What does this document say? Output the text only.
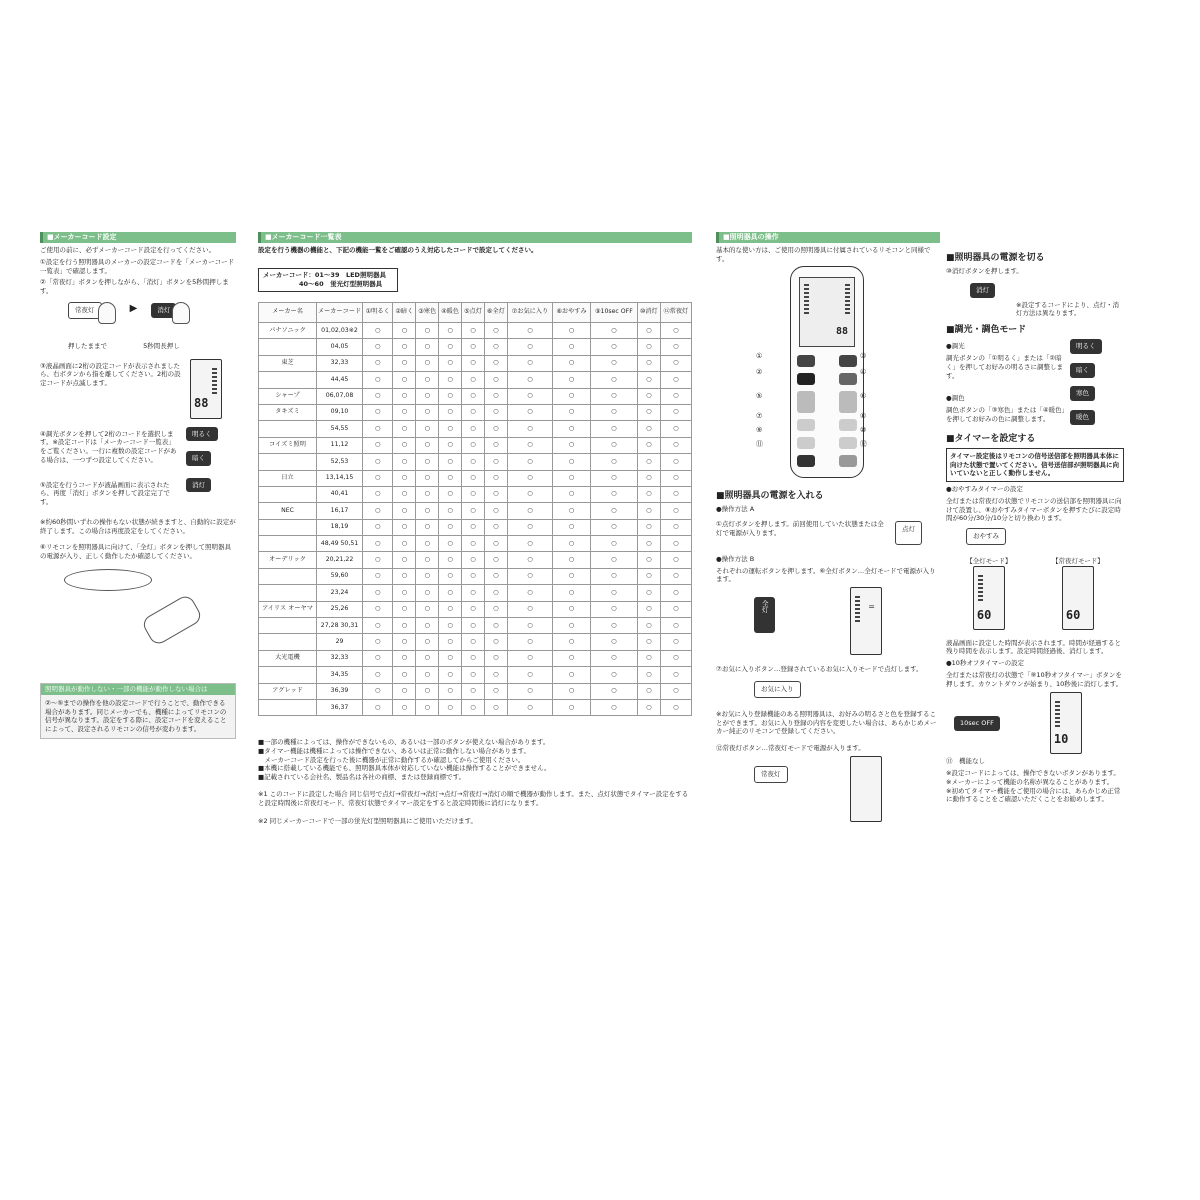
■メーカーコード設定

ご使用の前に、必ずメーカーコード設定を行ってください。

①設定を行う照明器具のメーカーの設定コードを「メーカーコード一覧表」で確認します。

②「常夜灯」ボタンを押しながら、「消灯」ボタンを5秒間押します。

常夜灯	▶	消灯
押したままで	5秒間長押し

③液晶画面に2桁の設定コードが表示されましたら、右ボタンから指を離してください。2桁の設定コードが点滅します。

88

④調光ボタンを押して2桁のコードを選択します。※設定コードは「メーカーコード一覧表」をご覧ください。一行に複数の設定コードがある場合は、一つずつ設定してください。

明るく
暗く

⑤設定を行うコードが液晶画面に表示されたら、再度「消灯」ボタンを押して設定完了です。

消灯

※約60秒間いずれの操作もない状態が続きますと、自動的に設定が終了します。この場合は再度設定をしてください。

⑥リモコンを照明器具に向けて、「全灯」ボタンを押して照明器具の電源が入り、正しく動作したか確認してください。

照明器具が動作しない・一部の機能が動作しない場合は
②～⑤までの操作を他の設定コードで行うことで、動作できる場合があります。同じメーカーでも、機種によってリモコンの信号が異なります。設定をする際に、設定コードを変えることによって、設定されるリモコンの信号が変わります。
■メーカーコード一覧表

設定を行う機器の機能と、下記の機能一覧をご確認のうえ対応したコードで設定してください。

メーカーコード：01～39　LED照明器具
40～60　蛍光灯型照明器具
メーカー名	メーカーコード	①明るく	②暗く	③寒色	④暖色	⑤点灯	⑥全灯	⑦お気に入り	⑧おやすみ	⑨10sec OFF	⑩消灯	⑫常夜灯
パナソニック	01,02,03※2	○	○	○	○	○	○	○	○	○	○	○
	04,05	○	○	○	○	○	○	○	○	○	○	○
東芝	32,33	○	○	○	○	○	○	○	○	○	○	○
	44,45	○	○	○	○	○	○	○	○	○	○	○
シャープ	06,07,08	○	○	○	○	○	○	○	○	○	○	○
タキズミ	09,10	○	○	○	○	○	○	○	○	○	○	○
	54,55	○	○	○	○	○	○	○	○	○	○	○
コイズミ照明	11,12	○	○	○	○	○	○	○	○	○	○	○
	52,53	○	○	○	○	○	○	○	○	○	○	○
日立	13,14,15	○	○	○	○	○	○	○	○	○	○	○
	40,41	○	○	○	○	○	○	○	○	○	○	○
NEC	16,17	○	○	○	○	○	○	○	○	○	○	○
	18,19	○	○	○	○	○	○	○	○	○	○	○
	48,49 50,51	○	○	○	○	○	○	○	○	○	○	○
オーデリック	20,21,22	○	○	○	○	○	○	○	○	○	○	○
	59,60	○	○	○	○	○	○	○	○	○	○	○
	23,24	○	○	○	○	○	○	○	○	○	○	○
アイリス オーヤマ	25,26	○	○	○	○	○	○	○	○	○	○	○
	27,28 30,31	○	○	○	○	○	○	○	○	○	○	○
	29	○	○	○	○	○	○	○	○	○	○	○
大光電機	32,33	○	○	○	○	○	○	○	○	○	○	○
	34,35	○	○	○	○	○	○	○	○	○	○	○
アグレッド	36,39	○	○	○	○	○	○	○	○	○	○	○
	36,37	○	○	○	○	○	○	○	○	○	○	○

■一部の機種によっては、操作ができないもの、あるいは一部のボタンが使えない場合があります。

■タイマー機能は機種によっては操作できない、あるいは正常に動作しない場合があります。

　メーカーコード設定を行った後に機器が正常に動作するか確認してからご使用ください。

■本機に搭載している機能でも、照明器具本体が対応していない機能は操作することができません。

■記載されている会社名、製品名は各社の商標、または登録商標です。

※1 このコードに設定した場合 同じ信号で点灯→常夜灯→消灯→点灯→常夜灯→消灯の順で機器が動作します。また、点灯状態でタイマー設定をすると設定時間後に常夜灯モード、常夜灯状態でタイマー設定をすると設定時間後に消灯になります。

※2 同じメーカーコードで一部の蛍光灯型照明器具にご使用いただけます。

■照明器具の操作

基本的な使い方は、ご使用の照明器具に付属されているリモコンと同様です。

88
①
②
⑤
⑦
⑨
⑪
③
④
⑥
⑧
⑩
⑫
■照明器具の電源を入れる

●操作方法 A

①点灯ボタンを押します。前回使用していた状態または全灯で電源が入ります。	点灯

●操作方法 B

それぞれの運転ボタンを押します。⑥全灯ボタン…全灯モードで電源が入ります。

全灯	=

⑦お気に入りボタン…登録されているお気に入りモードで点灯します。

お気に入り

※お気に入り登録機能のある照明器具は、お好みの明るさと色を登録することができます。お気に入り登録の内容を変更したい場合は、あらかじめメーカー純正のリモコンで登録してください。

⑫常夜灯ボタン…常夜灯モードで電源が入ります。

常夜灯
■照明器具の電源を切る

⑩消灯ボタンを押します。

消灯

※設定するコードにより、点灯・消灯方法は異なります。

■調光・調色モード

●調光

調光ボタンの「①明るく」または「②暗く」を押してお好みの明るさに調整します。

●調色

調色ボタンの「③寒色」または「④暖色」を押してお好みの色に調整します。

明るく

暗く

寒色

暖色
■タイマーを設定する
タイマー設定後はリモコンの信号送信部を照明器具本体に向けた状態で置いてください。信号送信部が照明器具に向いていないと正しく動作しません。

●おやすみタイマーの設定

全灯または常夜灯の状態でリモコンの送信部を照明器具に向けて設置し、⑧おやすみタイマーボタンを押すたびに設定時間が60分/30分/10分と切り換わります。

おやすみ
【全灯モード】
60
【常夜灯モード】
60

液晶画面に設定した時間が表示されます。時間が経過すると残り時間を表示します。設定時間経過後、消灯します。

●10秒オフタイマーの設定

全灯または常夜灯の状態で「⑨10秒オフタイマー」ボタンを押します。カウントダウンが始まり、10秒後に消灯します。

10sec OFF
10

⑪　機能なし

※設定コードによっては、操作できないボタンがあります。

※メーカーによって機能の名称が異なることがあります。

※初めてタイマー機能をご使用の場合には、あらかじめ正常に動作することをご確認いただくことをお勧めします。
